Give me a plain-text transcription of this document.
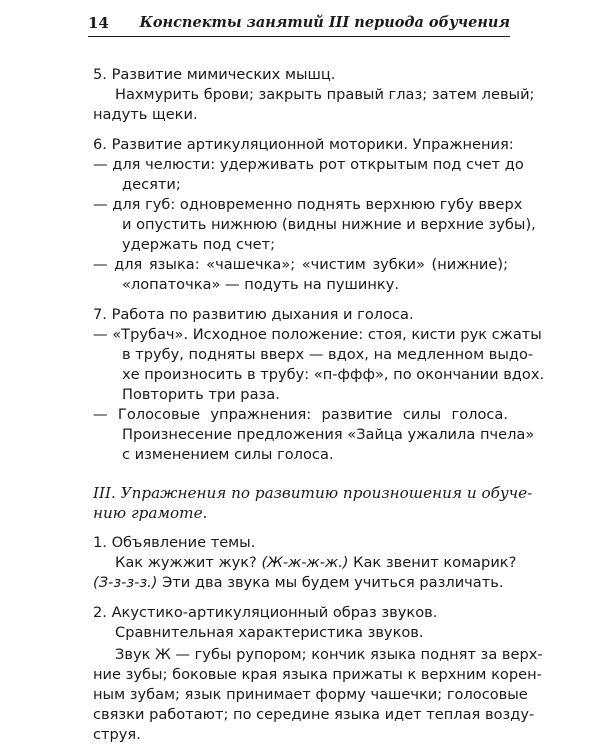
14 Конспекты занятий III периода обучения
5. Развитие мимических мышц.
Нахмурить брови; закрыть правый глаз; затем левый;
надуть щеки.
6. Развитие артикуляционной моторики. Упражнения:
— для челюсти: удерживать рот открытым под счет до
десяти;
— для губ: одновременно поднять верхнюю губу вверх
и опустить нижнюю (видны нижние и верхние зубы),
удержать под счет;
— для языка: «чашечка»; «чистим зубки» (нижние);
«лопаточка» — подуть на пушинку.
7. Работа по развитию дыхания и голоса.
— «Трубач». Исходное положение: стоя, кисти рук сжаты
в трубу, подняты вверх — вдох, на медленном выдо-
хе произносить в трубу: «п-ффф», по окончании вдох.
Повторить три раза.
— Голосовые упражнения: развитие силы голоса.
Произнесение предложения «Зайца ужалила пчела»
с изменением силы голоса.
III. Упражнения по развитию произношения и обуче-
нию грамоте.
1. Объявление темы.
Как жужжит жук? (Ж-ж-ж-ж.) Как звенит комарик?
(З-з-з-з.) Эти два звука мы будем учиться различать.
2. Акустико-артикуляционный образ звуков.
Сравнительная характеристика звуков.
Звук Ж — губы рупором; кончик языка поднят за верх-
ние зубы; боковые края языка прижаты к верхним корен-
ным зубам; язык принимает форму чашечки; голосовые
связки работают; по середине языка идет теплая возду-
струя.
